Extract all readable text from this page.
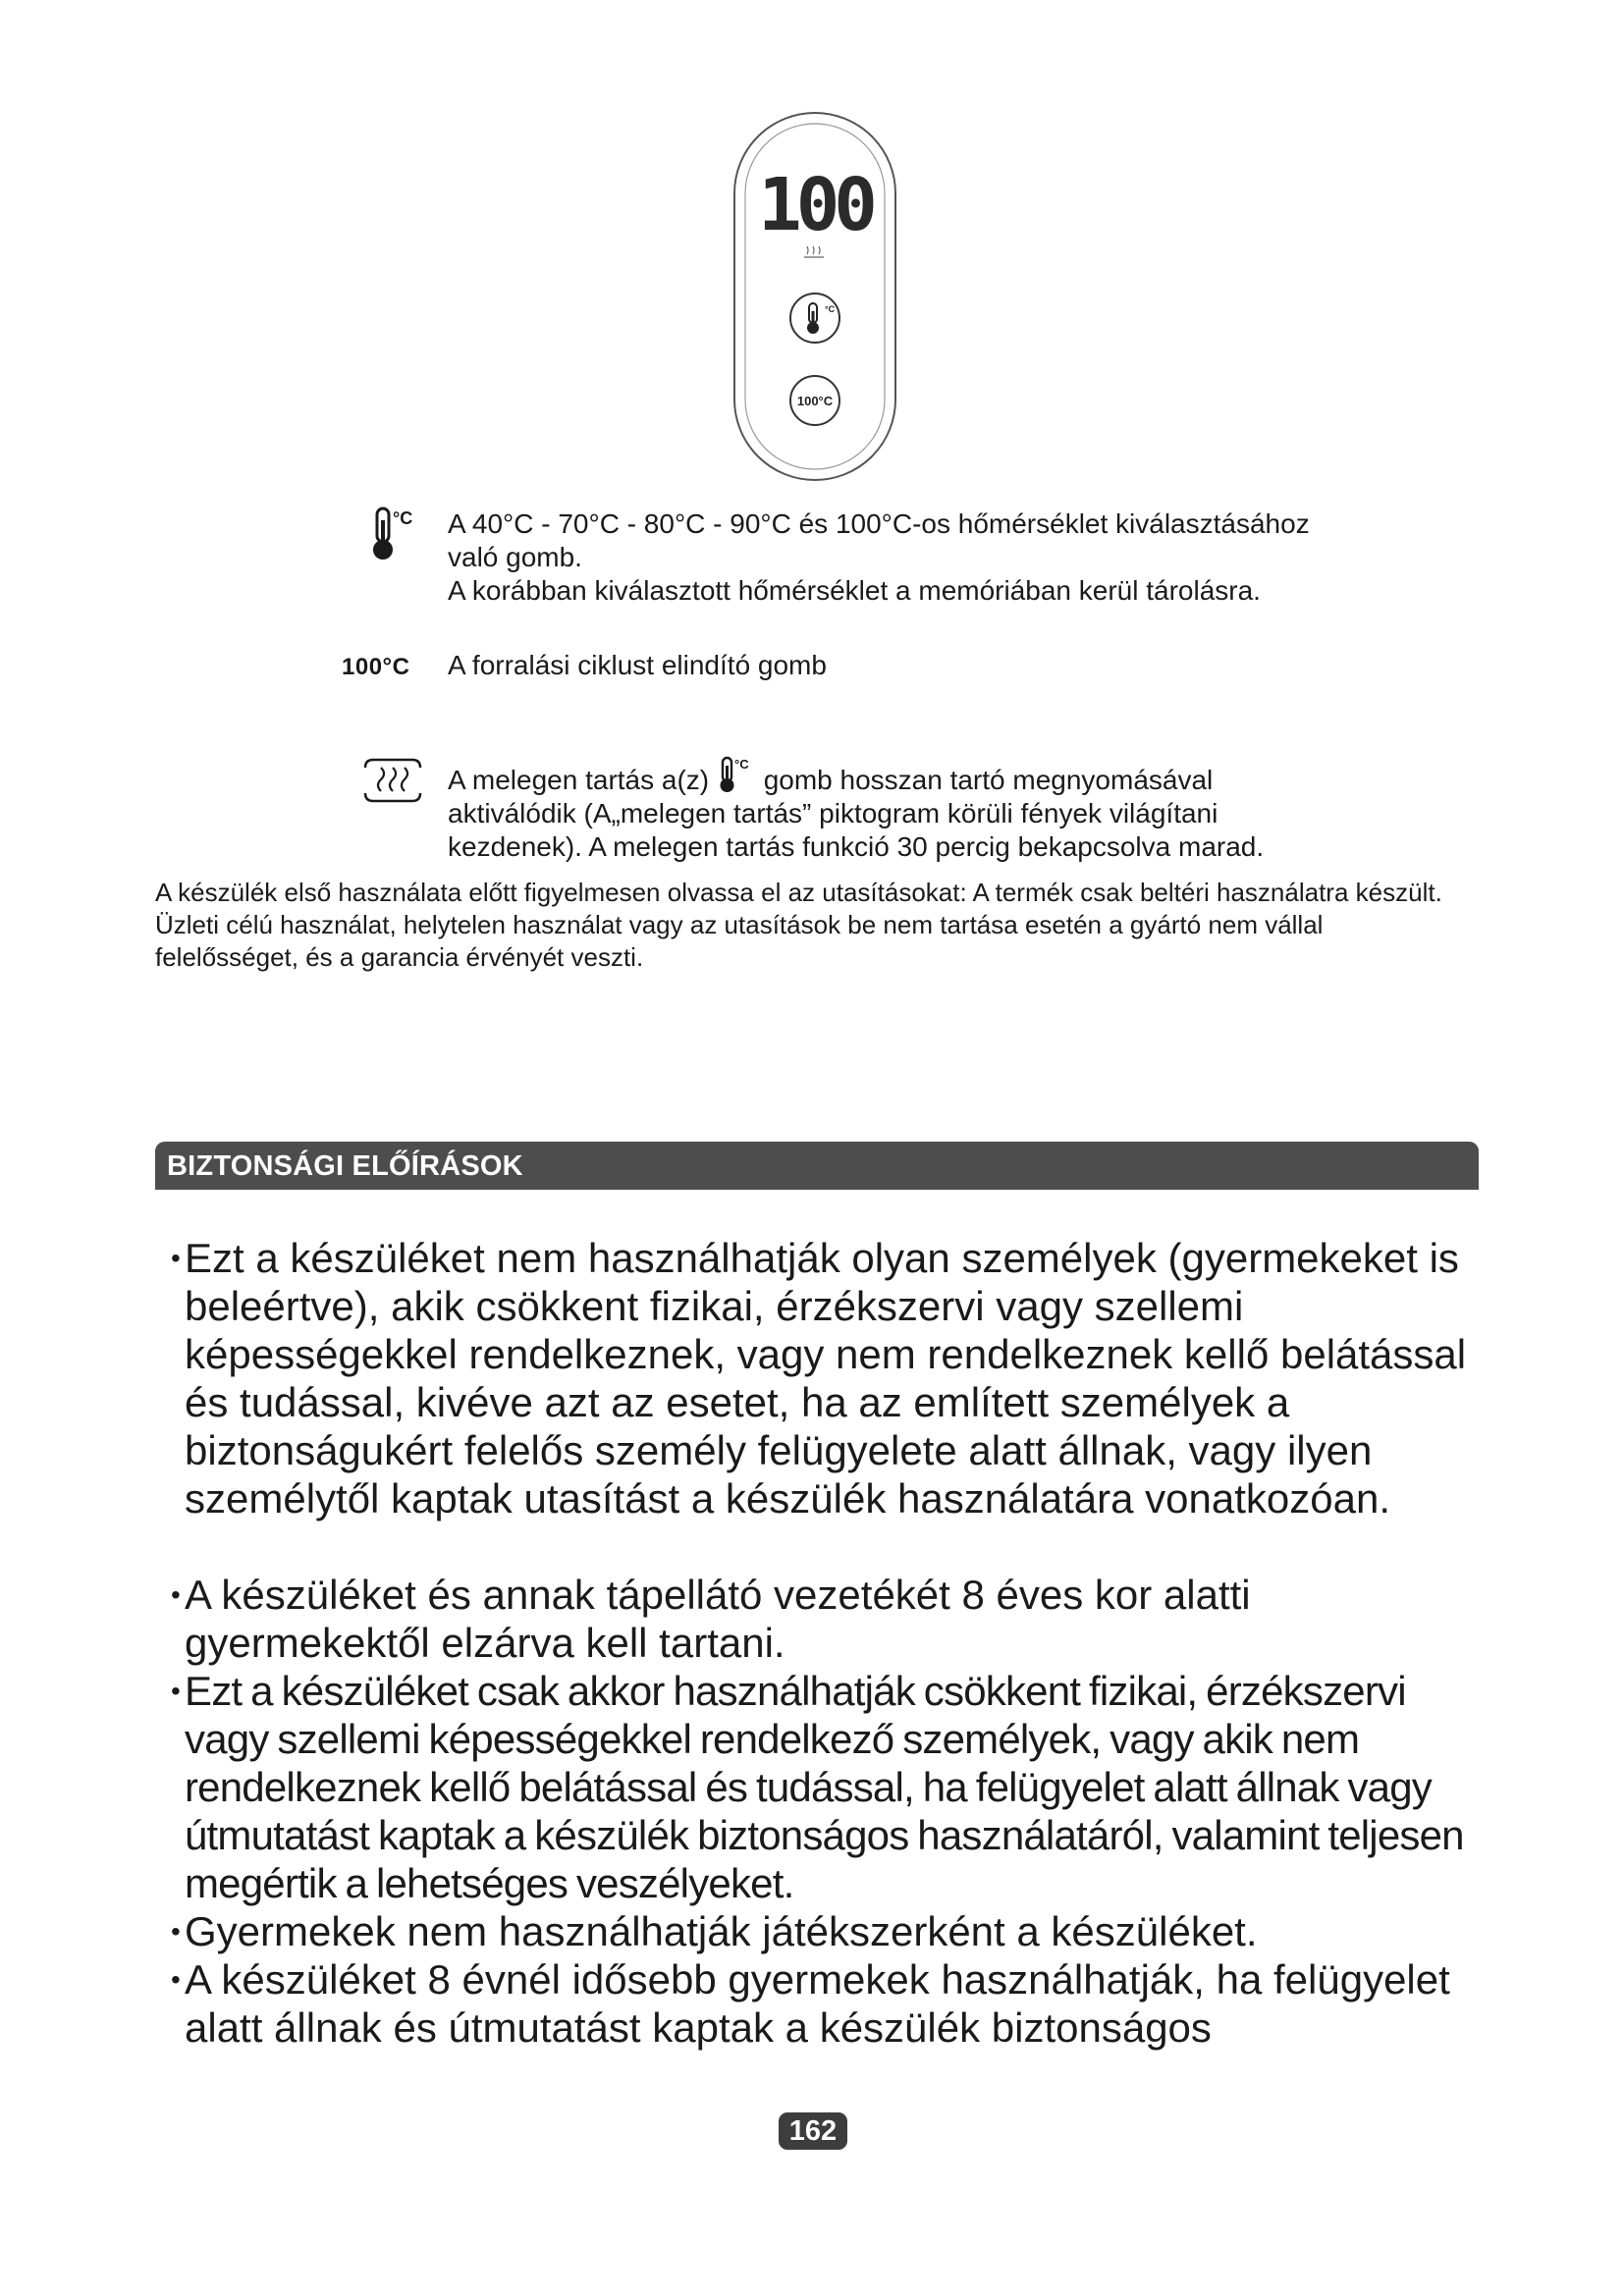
100
°C
100°C
°C A 40°C - 70°C - 80°C - 90°C és 100°C-os hőmérséklet kiválasztásához

való gomb.

A korábban kiválasztott hőmérséklet a memóriában kerül tárolásra.

100°C A forralási ciklust elindító gomb

A melegen tartás a(z)
°C
gomb hosszan tartó megnyomásával

aktiválódik (A„melegen tartás” piktogram körüli fények világítani

kezdenek). A melegen tartás funkció 30 percig bekapcsolva marad.

A készülék első használata előtt figyelmesen olvassa el az utasításokat: A termék csak beltéri használatra készült. Üzleti célú használat, helytelen használat vagy az utasítások be nem tartása esetén a gyártó nem vállal felelősséget, és a garancia érvényét veszti.

BIZTONSÁGI ELŐÍRÁSOK
• Ezt a készüléket nem használhatják olyan személyek (gyermekeket is beleértve), akik csökkent fizikai, érzékszervi vagy szellemi képességekkel rendelkeznek, vagy nem rendelkeznek kellő belátással és tudással, kivéve azt az esetet, ha az említett személyek a biztonságukért felelős személy felügyelete alatt állnak, vagy ilyen személytől kaptak utasítást a készülék használatára vonatkozóan.
• A készüléket és annak tápellátó vezetékét 8 éves kor alatti gyermekektől elzárva kell tartani.
• Ezt a készüléket csak akkor használhatják csökkent fizikai, érzékszervi vagy szellemi képességekkel rendelkező személyek, vagy akik nem rendelkeznek kellő belátással és tudással, ha felügyelet alatt állnak vagy útmutatást kaptak a készülék biztonságos használatáról, valamint teljesen megértik a lehetséges veszélyeket.
• Gyermekek nem használhatják játékszerként a készüléket.
• A készüléket 8 évnél idősebb gyermekek használhatják, ha felügyelet alatt állnak és útmutatást kaptak a készülék biztonságos
162
